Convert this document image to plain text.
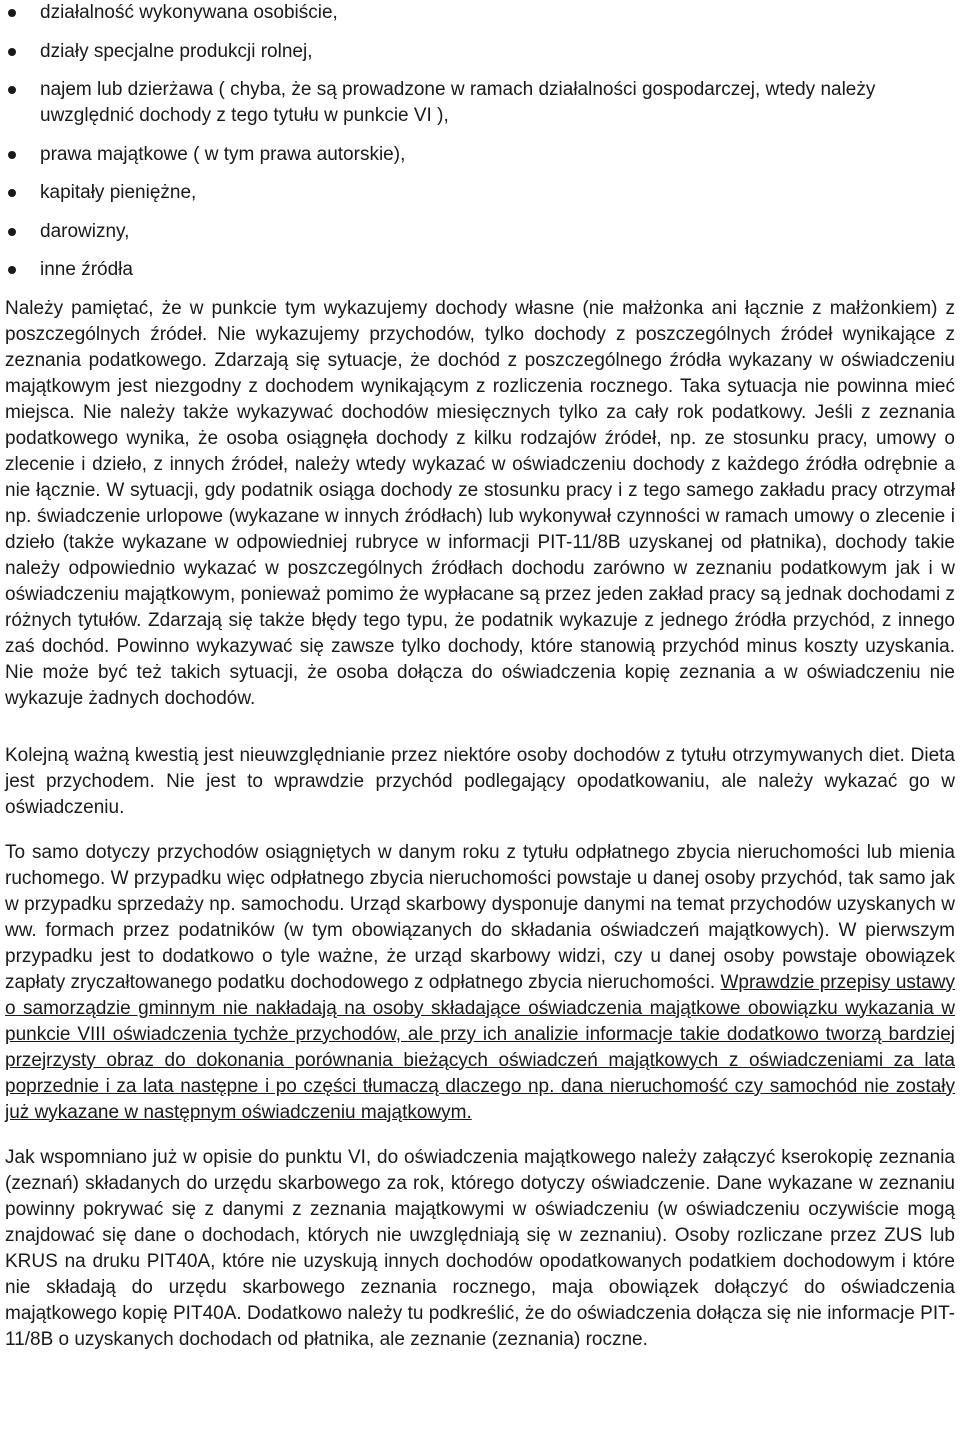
działalność wykonywana osobiście,
działy specjalne produkcji rolnej,
najem lub dzierżawa ( chyba, że są prowadzone w ramach działalności gospodarczej, wtedy należy uwzględnić dochody z tego tytułu w punkcie VI ),
prawa majątkowe ( w tym prawa autorskie),
kapitały pieniężne,
darowizny,
inne źródła

Należy pamiętać, że w punkcie tym wykazujemy dochody własne (nie małżonka ani łącznie z małżonkiem) z poszczególnych źródeł. Nie wykazujemy przychodów, tylko dochody z poszczególnych źródeł wynikające z zeznania podatkowego. Zdarzają się sytuacje, że dochód z poszczególnego źródła wykazany w oświadczeniu majątkowym jest niezgodny z dochodem wynikającym z rozliczenia rocznego. Taka sytuacja nie powinna mieć miejsca. Nie należy także wykazywać dochodów miesięcznych tylko za cały rok podatkowy. Jeśli z zeznania podatkowego wynika, że osoba osiągnęła dochody z kilku rodzajów źródeł, np. ze stosunku pracy, umowy o zlecenie i dzieło, z innych źródeł, należy wtedy wykazać w oświadczeniu dochody z każdego źródła odrębnie a nie łącznie. W sytuacji, gdy podatnik osiąga dochody ze stosunku pracy i z tego samego zakładu pracy otrzymał np. świadczenie urlopowe (wykazane w innych źródłach) lub wykonywał czynności w ramach umowy o zlecenie i dzieło (także wykazane w odpowiedniej rubryce w informacji PIT-11/8B uzyskanej od płatnika), dochody takie należy odpowiednio wykazać w poszczególnych źródłach dochodu zarówno w zeznaniu podatkowym jak i w oświadczeniu majątkowym, ponieważ pomimo że wypłacane są przez jeden zakład pracy są jednak dochodami z różnych tytułów. Zdarzają się także błędy tego typu, że podatnik wykazuje z jednego źródła przychód, z innego zaś dochód. Powinno wykazywać się zawsze tylko dochody, które stanowią przychód minus koszty uzyskania. Nie może być też takich sytuacji, że osoba dołącza do oświadczenia kopię zeznania a w oświadczeniu nie wykazuje żadnych dochodów.

Kolejną ważną kwestią jest nieuwzględnianie przez niektóre osoby dochodów z tytułu otrzymywanych diet. Dieta jest przychodem. Nie jest to wprawdzie przychód podlegający opodatkowaniu, ale należy wykazać go w oświadczeniu.

To samo dotyczy przychodów osiągniętych w danym roku z tytułu odpłatnego zbycia nieruchomości lub mienia ruchomego. W przypadku więc odpłatnego zbycia nieruchomości powstaje u danej osoby przychód, tak samo jak w przypadku sprzedaży np. samochodu. Urząd skarbowy dysponuje danymi na temat przychodów uzyskanych w ww. formach przez podatników (w tym obowiązanych do składania oświadczeń majątkowych). W pierwszym przypadku jest to dodatkowo o tyle ważne, że urząd skarbowy widzi, czy u danej osoby powstaje obowiązek zapłaty zryczałtowanego podatku dochodowego z odpłatnego zbycia nieruchomości. Wprawdzie przepisy ustawy o samorządzie gminnym nie nakładają na osoby składające oświadczenia majątkowe obowiązku wykazania w punkcie VIII oświadczenia tychże przychodów, ale przy ich analizie informacje takie dodatkowo tworzą bardziej przejrzysty obraz do dokonania porównania bieżących oświadczeń majątkowych z oświadczeniami za lata poprzednie i za lata następne i po części tłumaczą dlaczego np. dana nieruchomość czy samochód nie zostały już wykazane w następnym oświadczeniu majątkowym.

Jak wspomniano już w opisie do punktu VI, do oświadczenia majątkowego należy załączyć kserokopię zeznania (zeznań) składanych do urzędu skarbowego za rok, którego dotyczy oświadczenie. Dane wykazane w zeznaniu powinny pokrywać się z danymi z zeznania majątkowymi w oświadczeniu (w oświadczeniu oczywiście mogą znajdować się dane o dochodach, których nie uwzględniają się w zeznaniu). Osoby rozliczane przez ZUS lub KRUS na druku PIT40A, które nie uzyskują innych dochodów opodatkowanych podatkiem dochodowym i które nie składają do urzędu skarbowego zeznania rocznego, maja obowiązek dołączyć do oświadczenia majątkowego kopię PIT40A. Dodatkowo należy tu podkreślić, że do oświadczenia dołącza się nie informacje PIT-11/8B o uzyskanych dochodach od płatnika, ale zeznanie (zeznania) roczne.
